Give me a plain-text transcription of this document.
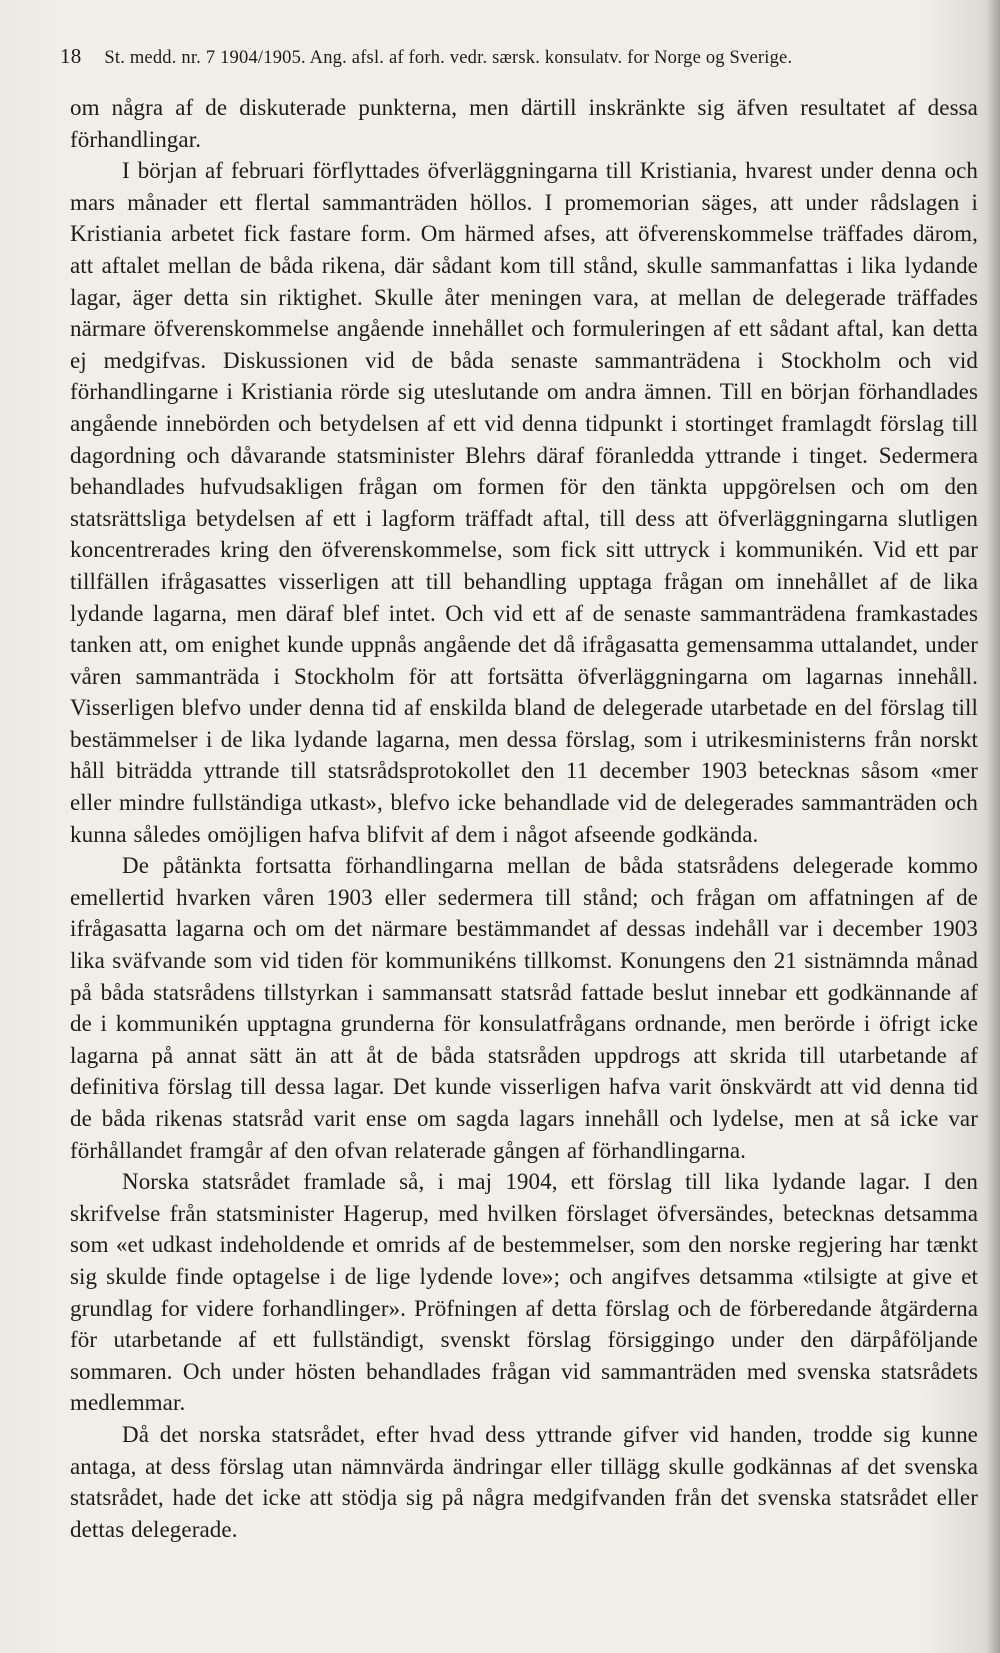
18 St. medd. nr. 7 1904/1905. Ang. afsl. af forh. vedr. særsk. konsulatv. for Norge og Sverige.

om några af de diskuterade punkterna, men därtill inskränkte sig äfven resultatet af dessa förhandlingar.

I början af februari förflyttades öfverläggningarna till Kristiania, hvarest under denna och mars månader ett flertal sammanträden höllos. I promemorian säges, att under rådslagen i Kristiania arbetet fick fastare form. Om härmed afses, att öfverenskommelse träffades därom, att aftalet mellan de båda rikena, där sådant kom till stånd, skulle sammanfattas i lika lydande lagar, äger detta sin riktighet. Skulle åter meningen vara, at mellan de delegerade träffades närmare öfverenskommelse angående innehållet och formuleringen af ett sådant aftal, kan detta ej medgifvas. Diskussionen vid de båda senaste sammanträdena i Stockholm och vid förhandlingarne i Kristiania rörde sig uteslutande om andra ämnen. Till en början förhandlades angående innebörden och betydelsen af ett vid denna tidpunkt i stortinget framlagdt förslag till dagordning och dåvarande statsminister Blehrs däraf föranledda yttrande i tinget. Sedermera behandlades hufvudsakligen frågan om formen för den tänkta uppgörelsen och om den statsrättsliga betydelsen af ett i lagform träffadt aftal, till dess att öfverläggningarna slutligen koncentrerades kring den öfverenskommelse, som fick sitt uttryck i kommunikén. Vid ett par tillfällen ifrågasattes visserligen att till behandling upptaga frågan om innehållet af de lika lydande lagarna, men däraf blef intet. Och vid ett af de senaste sammanträdena framkastades tanken att, om enighet kunde uppnås angående det då ifrågasatta gemensamma uttalandet, under våren sammanträda i Stockholm för att fortsätta öfverläggningarna om lagarnas innehåll. Visserligen blefvo under denna tid af enskilda bland de delegerade utarbetade en del förslag till bestämmelser i de lika lydande lagarna, men dessa förslag, som i utrikesministerns från norskt håll biträdda yttrande till statsrådsprotokollet den 11 december 1903 betecknas såsom «mer eller mindre fullständiga utkast», blefvo icke behandlade vid de delegerades sammanträden och kunna således omöjligen hafva blifvit af dem i något afseende godkända.

De påtänkta fortsatta förhandlingarna mellan de båda statsrådens delegerade kommo emellertid hvarken våren 1903 eller sedermera till stånd; och frågan om affatningen af de ifrågasatta lagarna och om det närmare bestämmandet af dessas indehåll var i december 1903 lika sväfvande som vid tiden för kommunikéns tillkomst. Konungens den 21 sistnämnda månad på båda statsrådens tillstyrkan i sammansatt statsråd fattade beslut innebar ett godkännande af de i kommunikén upptagna grunderna för konsulatfrågans ordnande, men berörde i öfrigt icke lagarna på annat sätt än att åt de båda statsråden uppdrogs att skrida till utarbetande af definitiva förslag till dessa lagar. Det kunde visserligen hafva varit önskvärdt att vid denna tid de båda rikenas statsråd varit ense om sagda lagars innehåll och lydelse, men at så icke var förhållandet framgår af den ofvan relaterade gången af förhandlingarna.

Norska statsrådet framlade så, i maj 1904, ett förslag till lika lydande lagar. I den skrifvelse från statsminister Hagerup, med hvilken förslaget öfversändes, betecknas detsamma som «et udkast indeholdende et omrids af de bestemmelser, som den norske regjering har tænkt sig skulde finde optagelse i de lige lydende love»; och angifves detsamma «tilsigte at give et grundlag for videre forhandlinger». Pröfningen af detta förslag och de förberedande åtgärderna för utarbetande af ett fullständigt, svenskt förslag försiggingo under den därpåföljande sommaren. Och under hösten behandlades frågan vid sammanträden med svenska statsrådets medlemmar.

Då det norska statsrådet, efter hvad dess yttrande gifver vid handen, trodde sig kunne antaga, at dess förslag utan nämnvärda ändringar eller tillägg skulle godkännas af det svenska statsrådet, hade det icke att stödja sig på några medgifvanden från det svenska statsrådet eller dettas delegerade.
